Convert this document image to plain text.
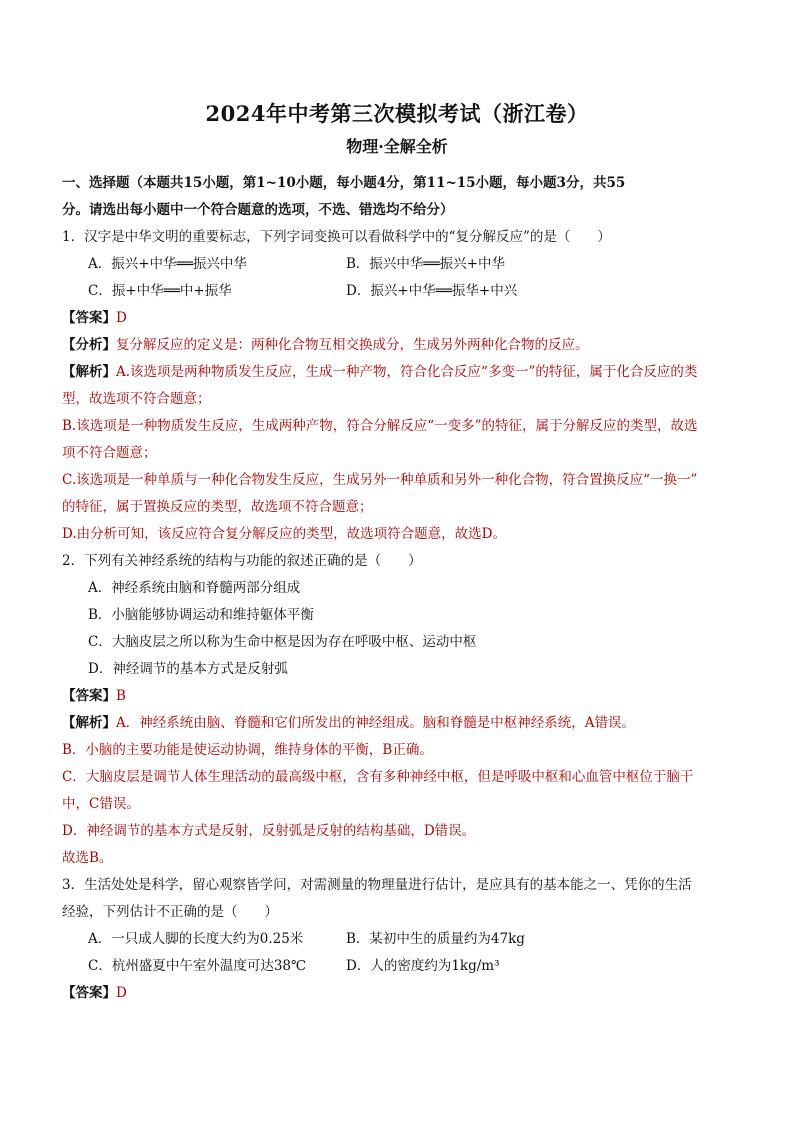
2024年中考第三次模拟考试（浙江卷）
物理·全解全析
一、选择题（本题共15小题，第1~10小题，每小题4分，第11~15小题，每小题3分，共55
分。请选出每小题中一个符合题意的选项，不选、错选均不给分）
1．汉字是中华文明的重要标志，下列字词变换可以看做科学中的“复分解反应”的是（　　）
A．振兴+中华══振兴中华	B．振兴中华══振兴+中华
C．振+中华══中+振华	D．振兴+中华══振华+中兴
【答案】D
【分析】复分解反应的定义是：两种化合物互相交换成分，生成另外两种化合物的反应。
【解析】A.该选项是两种物质发生反应，生成一种产物，符合化合反应“多变一”的特征，属于化合反应的类
型，故选项不符合题意；
B.该选项是一种物质发生反应，生成两种产物，符合分解反应“一变多”的特征，属于分解反应的类型，故选
项不符合题意；
C.该选项是一种单质与一种化合物发生反应，生成另外一种单质和另外一种化合物，符合置换反应“一换一”
的特征，属于置换反应的类型，故选项不符合题意；
D.由分析可知，该反应符合复分解反应的类型，故选项符合题意，故选D。
2．下列有关神经系统的结构与功能的叙述正确的是（　　）
A．神经系统由脑和脊髓两部分组成
B．小脑能够协调运动和维持躯体平衡
C．大脑皮层之所以称为生命中枢是因为存在呼吸中枢、运动中枢
D．神经调节的基本方式是反射弧
【答案】B
【解析】A．神经系统由脑、脊髓和它们所发出的神经组成。脑和脊髓是中枢神经系统，A错误。
B．小脑的主要功能是使运动协调，维持身体的平衡，B正确。
C．大脑皮层是调节人体生理活动的最高级中枢，含有多种神经中枢，但是呼吸中枢和心血管中枢位于脑干
中，C错误。
D．神经调节的基本方式是反射，反射弧是反射的结构基础，D错误。
故选B。
3．生活处处是科学，留心观察皆学问，对需测量的物理量进行估计，是应具有的基本能之一、凭你的生活
经验，下列估计不正确的是（　　）
A．一只成人脚的长度大约为0.25米	B．某初中生的质量约为47kg
C．杭州盛夏中午室外温度可达38℃	D．人的密度约为1kg/m³
【答案】D
